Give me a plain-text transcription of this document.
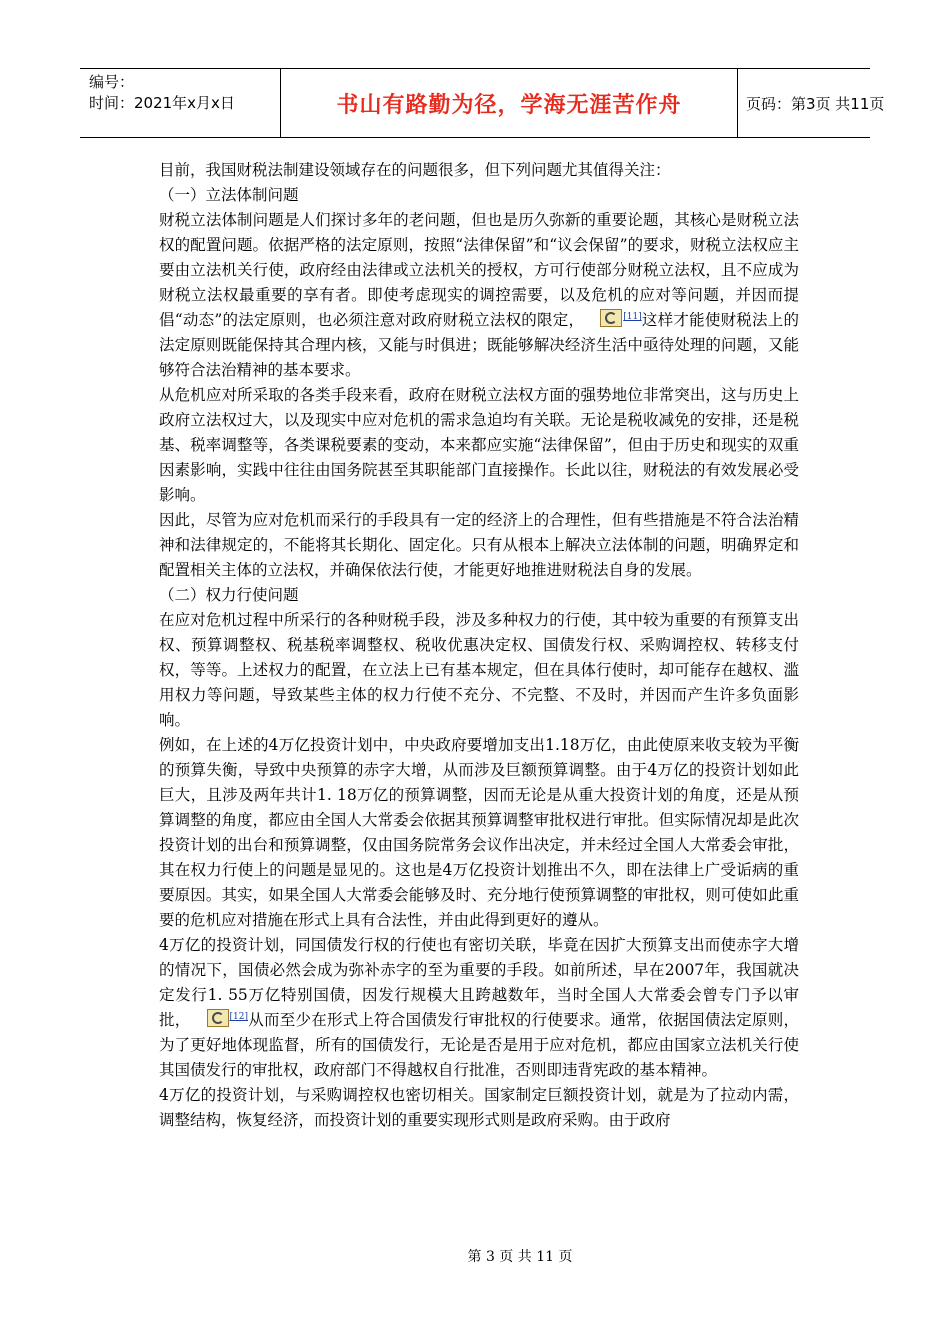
编号：
时间：2021年x月x日	书山有路勤为径，学海无涯苦作舟	页码：第3页 共11页

目前，我国财税法制建设领域存在的问题很多，但下列问题尤其值得关注：

（一）立法体制问题

财税立法体制问题是人们探讨多年的老问题，但也是历久弥新的重要论题，其核心是财税立法权的配置问题。依据严格的法定原则，按照“法律保留”和“议会保留”的要求，财税立法权应主要由立法机关行使，政府经由法律或立法机关的授权，方可行使部分财税立法权，且不应成为财税立法权最重要的享有者。即使考虑现实的调控需要，以及危机的应对等问题，并因而提倡“动态”的法定原则，也必须注意对政府财税立法权的限定，	[11]这样才能使财税法上的法定原则既能保持其合理内核，又能与时俱进；既能够解决经济生活中亟待处理的问题，又能够符合法治精神的基本要求。

从危机应对所采取的各类手段来看，政府在财税立法权方面的强势地位非常突出，这与历史上政府立法权过大，以及现实中应对危机的需求急迫均有关联。无论是税收减免的安排，还是税基、税率调整等，各类课税要素的变动，本来都应实施“法律保留”，但由于历史和现实的双重因素影响，实践中往往由国务院甚至其职能部门直接操作。长此以往，财税法的有效发展必受影响。

因此，尽管为应对危机而采行的手段具有一定的经济上的合理性，但有些措施是不符合法治精神和法律规定的，不能将其长期化、固定化。只有从根本上解决立法体制的问题，明确界定和配置相关主体的立法权，并确保依法行使，才能更好地推进财税法自身的发展。

（二）权力行使问题

在应对危机过程中所采行的各种财税手段，涉及多种权力的行使，其中较为重要的有预算支出权、预算调整权、税基税率调整权、税收优惠决定权、国债发行权、采购调控权、转移支付权，等等。上述权力的配置，在立法上已有基本规定，但在具体行使时，却可能存在越权、滥用权力等问题，导致某些主体的权力行使不充分、不完整、不及时，并因而产生许多负面影响。

例如，在上述的4万亿投资计划中，中央政府要增加支出1.18万亿，由此使原来收支较为平衡的预算失衡，导致中央预算的赤字大增，从而涉及巨额预算调整。由于4万亿的投资计划如此巨大，且涉及两年共计1. 18万亿的预算调整，因而无论是从重大投资计划的角度，还是从预算调整的角度，都应由全国人大常委会依据其预算调整审批权进行审批。但实际情况却是此次投资计划的出台和预算调整，仅由国务院常务会议作出决定，并未经过全国人大常委会审批，其在权力行使上的问题是显见的。这也是4万亿投资计划推出不久，即在法律上广受诟病的重要原因。其实，如果全国人大常委会能够及时、充分地行使预算调整的审批权，则可使如此重要的危机应对措施在形式上具有合法性，并由此得到更好的遵从。

4万亿的投资计划，同国债发行权的行使也有密切关联，毕竟在因扩大预算支出而使赤字大增的情况下，国债必然会成为弥补赤字的至为重要的手段。如前所述，早在2007年，我国就决定发行1. 55万亿特别国债，因发行规模大且跨越数年，当时全国人大常委会曾专门予以审批，	[12]从而至少在形式上符合国债发行审批权的行使要求。通常，依据国债法定原则，为了更好地体现监督，所有的国债发行，无论是否是用于应对危机，都应由国家立法机关行使其国债发行的审批权，政府部门不得越权自行批准，否则即违背宪政的基本精神。

4万亿的投资计划，与采购调控权也密切相关。国家制定巨额投资计划，就是为了拉动内需，调整结构，恢复经济，而投资计划的重要实现形式则是政府采购。由于政府

第 3 页 共 11 页
